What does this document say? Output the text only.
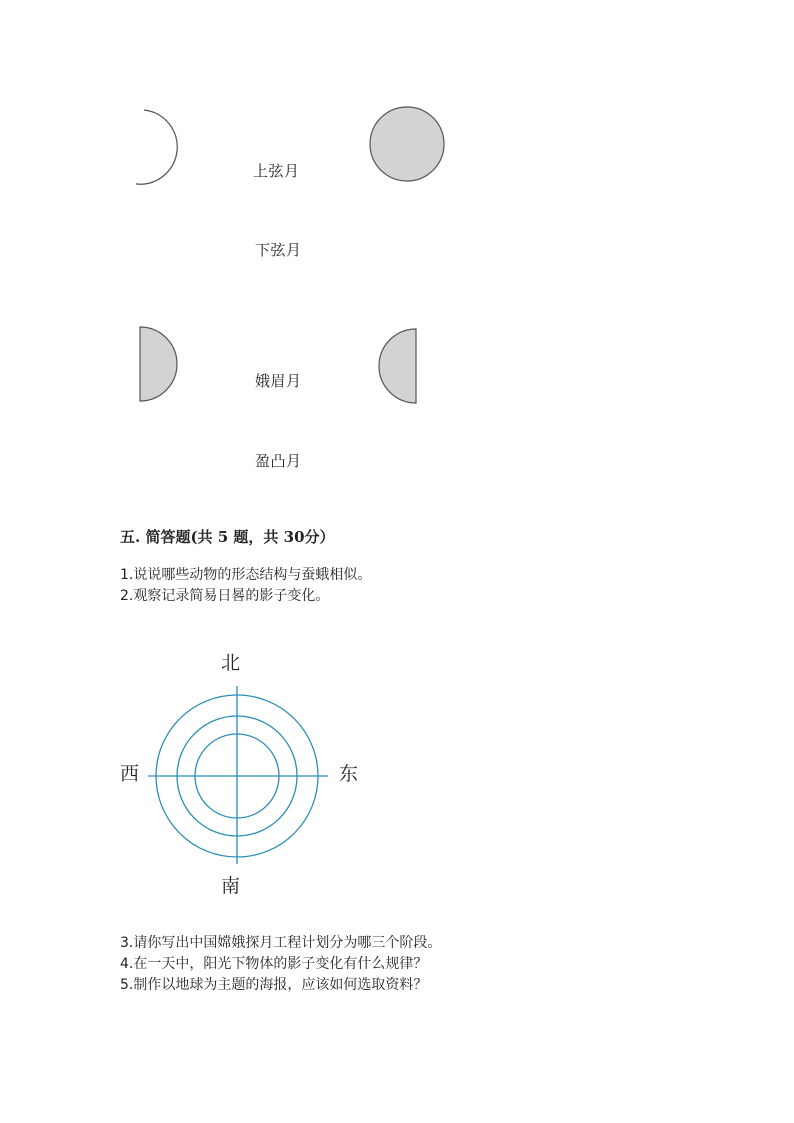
上弦月
下弦月
娥眉月
盈凸月
五. 简答题(共 5 题，共 30分）
1.说说哪些动物的形态结构与蚕蛾相似。
2.观察记录简易日晷的影子变化。
北
西	东
南
3.请你写出中国嫦娥探月工程计划分为哪三个阶段。
4.在一天中，阳光下物体的影子变化有什么规律？
5.制作以地球为主题的海报，应该如何选取资料？
